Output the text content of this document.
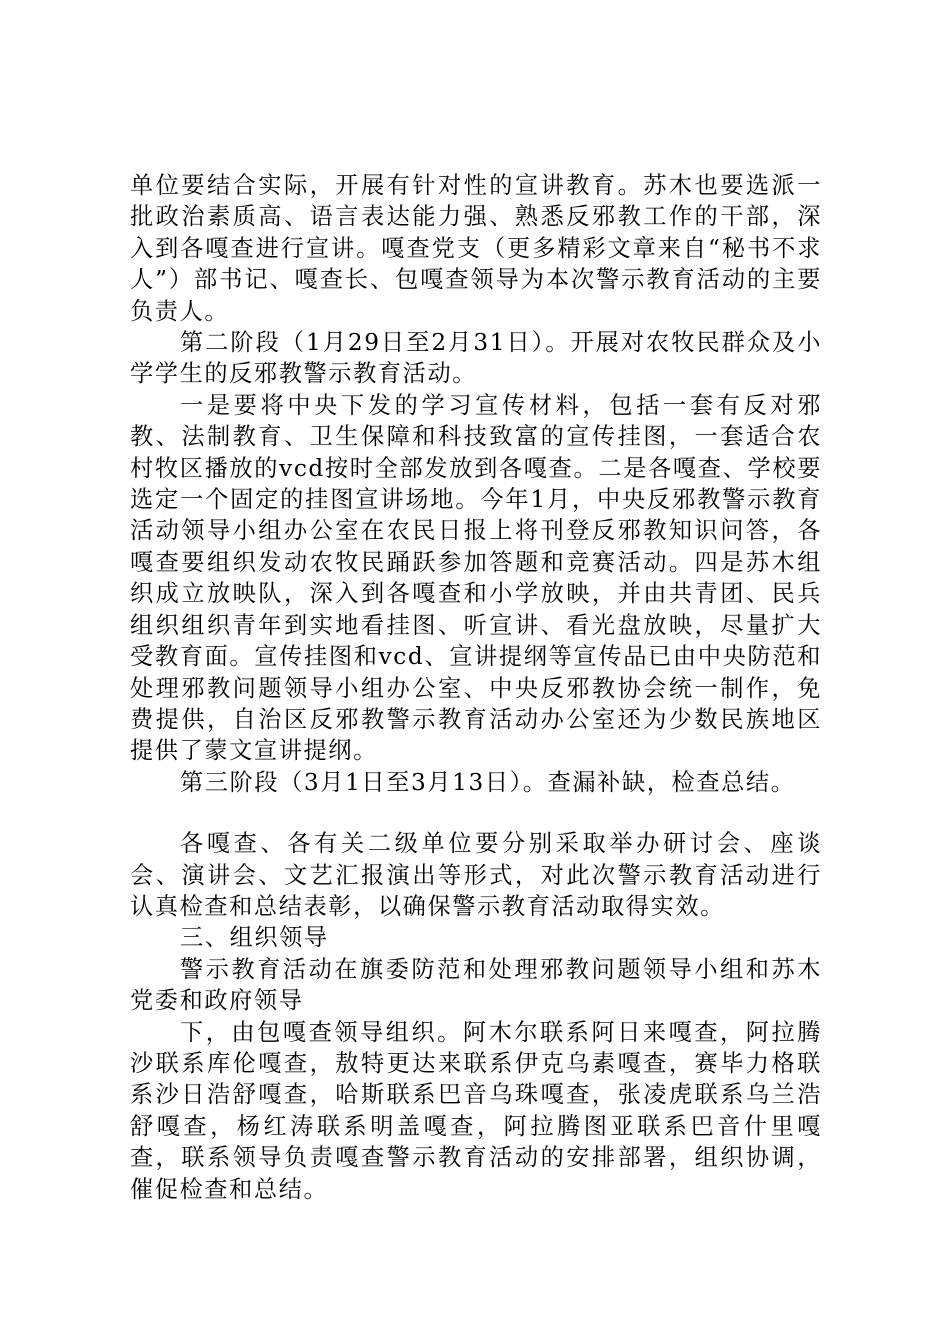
单位要结合实际，开展有针对性的宣讲教育。苏木也要选派一批政治素质高、语言表达能力强、熟悉反邪教工作的干部，深入到各嘎查进行宣讲。嘎查党支（更多精彩文章来自“秘书不求人”）部书记、嘎查长、包嘎查领导为本次警示教育活动的主要负责人。

第二阶段（1月29日至2月31日）。开展对农牧民群众及小学学生的反邪教警示教育活动。

一是要将中央下发的学习宣传材料，包括一套有反对邪教、法制教育、卫生保障和科技致富的宣传挂图，一套适合农村牧区播放的vcd按时全部发放到各嘎查。二是各嘎查、学校要选定一个固定的挂图宣讲场地。今年1月，中央反邪教警示教育活动领导小组办公室在农民日报上将刊登反邪教知识问答，各嘎查要组织发动农牧民踊跃参加答题和竞赛活动。四是苏木组织成立放映队，深入到各嘎查和小学放映，并由共青团、民兵组织组织青年到实地看挂图、听宣讲、看光盘放映，尽量扩大受教育面。宣传挂图和vcd、宣讲提纲等宣传品已由中央防范和处理邪教问题领导小组办公室、中央反邪教协会统一制作，免费提供，自治区反邪教警示教育活动办公室还为少数民族地区提供了蒙文宣讲提纲。

第三阶段（3月1日至3月13日）。查漏补缺，检查总结。

各嘎查、各有关二级单位要分别采取举办研讨会、座谈会、演讲会、文艺汇报演出等形式，对此次警示教育活动进行认真检查和总结表彰，以确保警示教育活动取得实效。

三、组织领导

警示教育活动在旗委防范和处理邪教问题领导小组和苏木党委和政府领导

下，由包嘎查领导组织。阿木尔联系阿日来嘎查，阿拉腾沙联系库伦嘎查，敖特更达来联系伊克乌素嘎查，赛毕力格联系沙日浩舒嘎查，哈斯联系巴音乌珠嘎查，张凌虎联系乌兰浩舒嘎查，杨红涛联系明盖嘎查，阿拉腾图亚联系巴音什里嘎查，联系领导负责嘎查警示教育活动的安排部署，组织协调，催促检查和总结。
